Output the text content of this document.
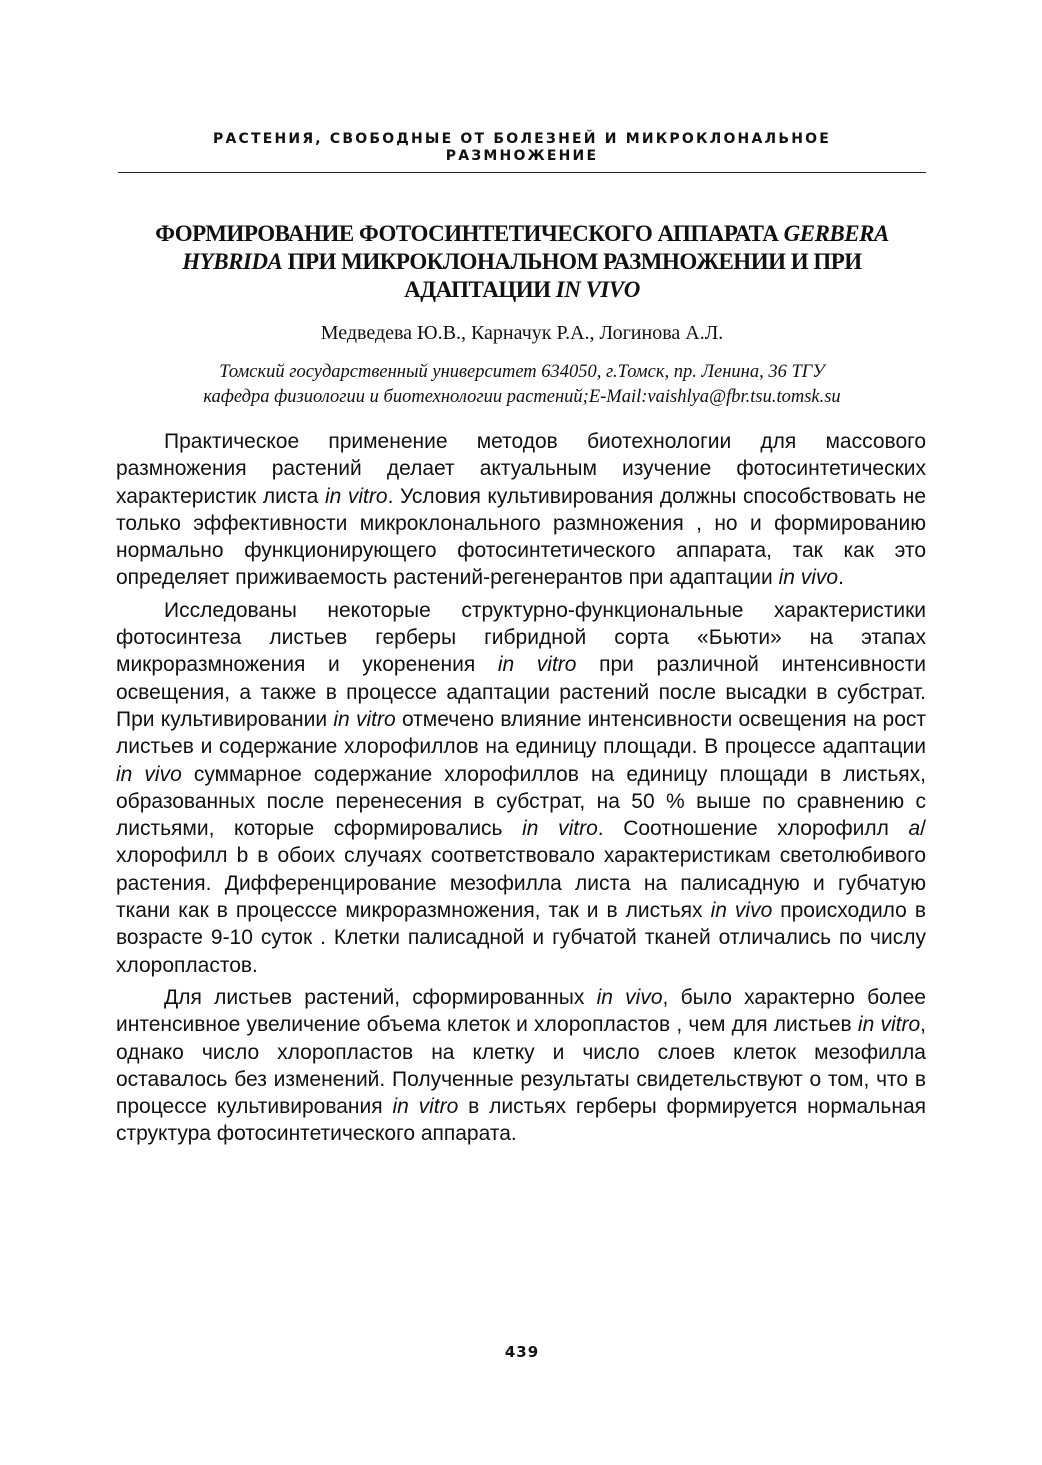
РАСТЕНИЯ, СВОБОДНЫЕ ОТ БОЛЕЗНЕЙ И МИКРОКЛОНАЛЬНОЕ
РАЗМНОЖЕНИЕ
ФОРМИРОВАНИЕ ФОТОСИНТЕТИЧЕСКОГО АППАРАТА GERBERA HYBRIDA ПРИ МИКРОКЛОНАЛЬНОМ РАЗМНОЖЕНИИ И ПРИ АДАПТАЦИИ IN VIVO
Медведева Ю.В., Карначук Р.А., Логинова А.Л.
Томский государственный университет 634050, г.Томск, пр. Ленина, 36 ТГУ
кафедра физиологии и биотехнологии растений;E-Mail:vaishlya@fbr.tsu.tomsk.su

Практическое применение методов биотехнологии для массового размножения растений делает актуальным изучение фотосинтетических характеристик листа in vitro. Условия культивирования должны способствовать не только эффективности микроклонального размножения , но и формированию нормально функционирующего фотосинтетического аппарата, так как это определяет приживаемость растений-регенерантов при адаптации in vivo.

Исследованы некоторые структурно-функциональные характеристики фотосинтеза листьев герберы гибридной сорта «Бьюти» на этапах микроразмножения и укоренения in vitro при различной интенсивности освещения, а также в процессе адаптации растений после высадки в субстрат. При культивировании in vitro отмечено влияние интенсивности освещения на рост листьев и содержание хлорофиллов на единицу площади. В процессе адаптации in vivo суммарное содержание хлорофиллов на единицу площади в листьях, образованных после перенесения в субстрат, на 50 % выше по сравнению с листьями, которые сформировались in vitro. Соотношение хлорофилл a/хлорофилл b в обоих случаях соответствовало характеристикам светолюбивого растения. Дифференцирование мезофилла листа на палисадную и губчатую ткани как в процесссе микроразмножения, так и в листьях in vivo происходило в возрасте 9-10 суток . Клетки палисадной и губчатой тканей отличались по числу хлоропластов.

Для листьев растений, сформированных in vivo, было характерно более интенсивное увеличение объема клеток и хлоропластов , чем для листьев in vitro, однако число хлоропластов на клетку и число слоев клеток мезофилла оставалось без изменений. Полученные результаты свидетельствуют о том, что в процессе культивирования in vitro в листьях герберы формируется нормальная структура фотосинтетического аппарата.

439
